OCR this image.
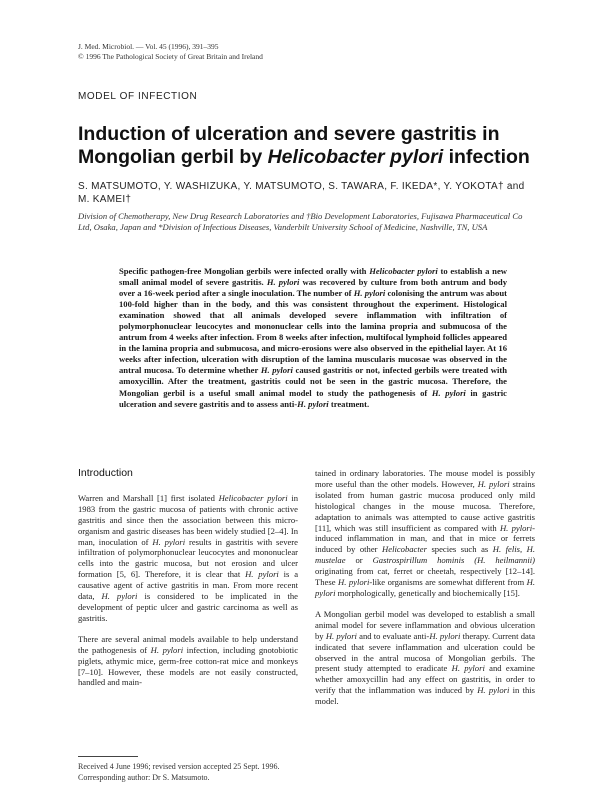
J. Med. Microbiol. — Vol. 45 (1996), 391–395
© 1996 The Pathological Society of Great Britain and Ireland
MODEL OF INFECTION
Induction of ulceration and severe gastritis in Mongolian gerbil by Helicobacter pylori infection
S. MATSUMOTO, Y. WASHIZUKA, Y. MATSUMOTO, S. TAWARA, F. IKEDA*, Y. YOKOTA† and M. KAMEI†
Division of Chemotherapy, New Drug Research Laboratories and †Bio Development Laboratories, Fujisawa Pharmaceutical Co Ltd, Osaka, Japan and *Division of Infectious Diseases, Vanderbilt University School of Medicine, Nashville, TN, USA

Specific pathogen-free Mongolian gerbils were infected orally with Helicobacter pylori to establish a new small animal model of severe gastritis. H. pylori was recovered by culture from both antrum and body over a 16-week period after a single inoculation. The number of H. pylori colonising the antrum was about 100-fold higher than in the body, and this was consistent throughout the experiment. Histological examination showed that all animals developed severe inflammation with infiltration of polymorphonuclear leucocytes and mononuclear cells into the lamina propria and submucosa of the antrum from 4 weeks after infection. From 8 weeks after infection, multifocal lymphoid follicles appeared in the lamina propria and submucosa, and micro-erosions were also observed in the epithelial layer. At 16 weeks after infection, ulceration with disruption of the lamina muscularis mucosae was observed in the antral mucosa. To determine whether H. pylori caused gastritis or not, infected gerbils were treated with amoxycillin. After the treatment, gastritis could not be seen in the gastric mucosa. Therefore, the Mongolian gerbil is a useful small animal model to study the pathogenesis of H. pylori in gastric ulceration and severe gastritis and to assess anti-H. pylori treatment.

Introduction

Warren and Marshall [1] first isolated Helicobacter pylori in 1983 from the gastric mucosa of patients with chronic active gastritis and since then the association between this micro-organism and gastric diseases has been widely studied [2–4]. In man, inoculation of H. pylori results in gastritis with severe infiltration of polymorphonuclear leucocytes and mononuclear cells into the gastric mucosa, but not erosion and ulcer formation [5, 6]. Therefore, it is clear that H. pylori is a causative agent of active gastritis in man. From more recent data, H. pylori is considered to be implicated in the development of peptic ulcer and gastric carcinoma as well as gastritis.

There are several animal models available to help understand the pathogenesis of H. pylori infection, including gnotobiotic piglets, athymic mice, germ-free cotton-rat mice and monkeys [7–10]. However, these models are not easily constructed, handled and main-

tained in ordinary laboratories. The mouse model is possibly more useful than the other models. However, H. pylori strains isolated from human gastric mucosa produced only mild histological changes in the mouse mucosa. Therefore, adaptation to animals was attempted to cause active gastritis [11], which was still insufficient as compared with H. pylori-induced inflammation in man, and that in mice or ferrets induced by other Helicobacter species such as H. felis, H. mustelae or Gastrospirillum hominis (H. heilmannii) originating from cat, ferret or cheetah, respectively [12–14]. These H. pylori-like organisms are somewhat different from H. pylori morphologically, genetically and biochemically [15].

A Mongolian gerbil model was developed to establish a small animal model for severe inflammation and obvious ulceration by H. pylori and to evaluate anti-H. pylori therapy. Current data indicated that severe inflammation and ulceration could be observed in the antral mucosa of Mongolian gerbils. The present study attempted to eradicate H. pylori and examine whether amoxycillin had any effect on gastritis, in order to verify that the inflammation was induced by H. pylori in this model.

Received 4 June 1996; revised version accepted 25 Sept. 1996.
Corresponding author: Dr S. Matsumoto.
